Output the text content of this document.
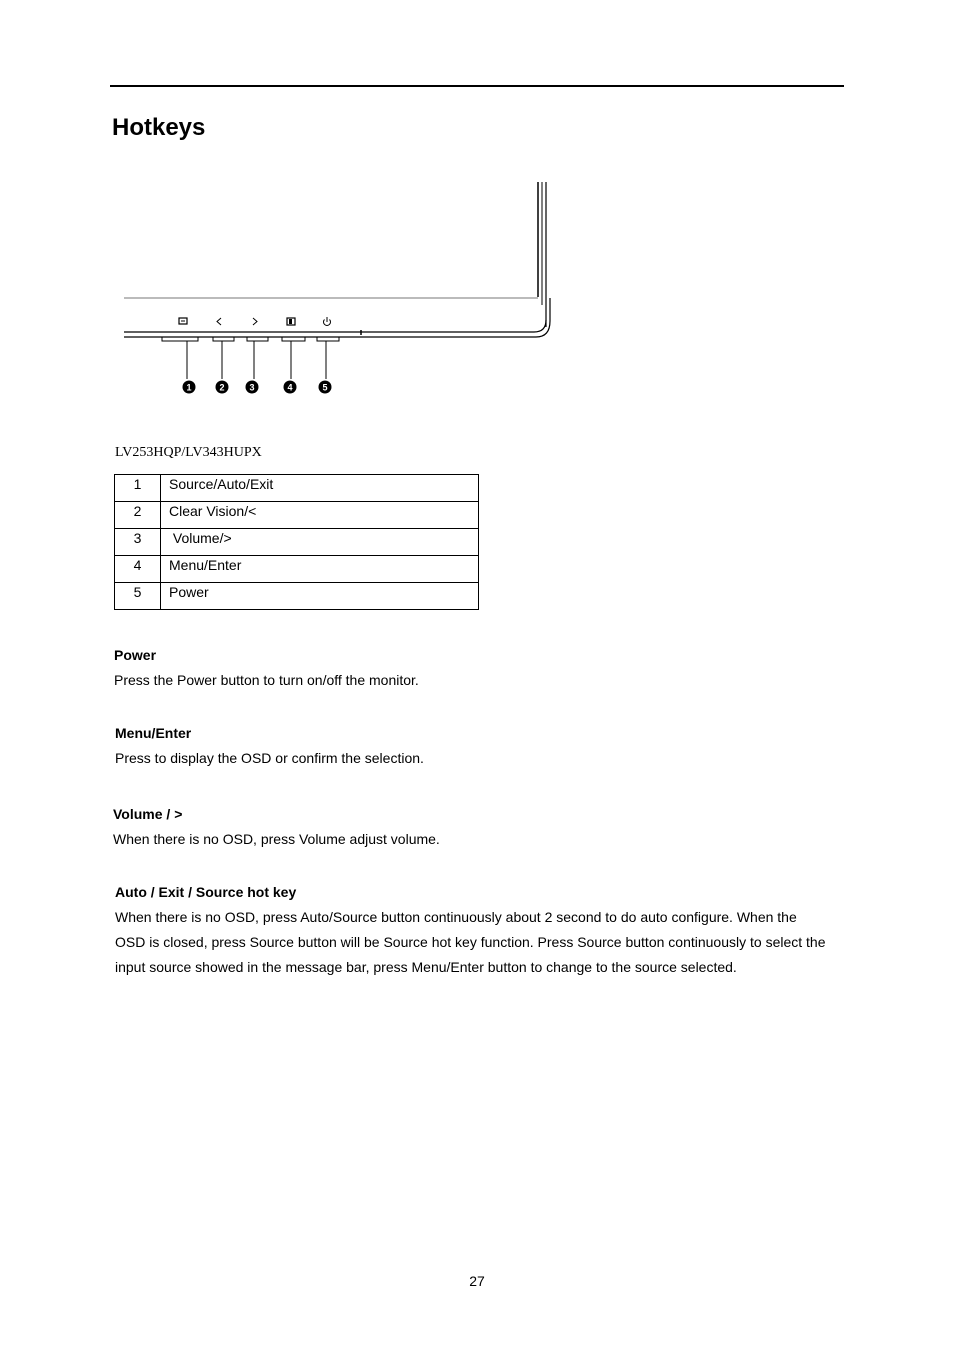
Hotkeys
1	2	3	4	5
LV253HQP/LV343HUPX
1	Source/Auto/Exit
2	Clear Vision/<
3	Volume/>
4	Menu/Enter
5	Power
Power

Press the Power button to turn on/off the monitor.

Menu/Enter

Press to display the OSD or confirm the selection.

Volume / >

When there is no OSD, press Volume adjust volume.

Auto / Exit / Source hot key

When there is no OSD, press Auto/Source button continuously about 2 second to do auto configure. When the

OSD is closed, press Source button will be Source hot key function. Press Source button continuously to select the

input source showed in the message bar, press Menu/Enter button to change to the source selected.

27
